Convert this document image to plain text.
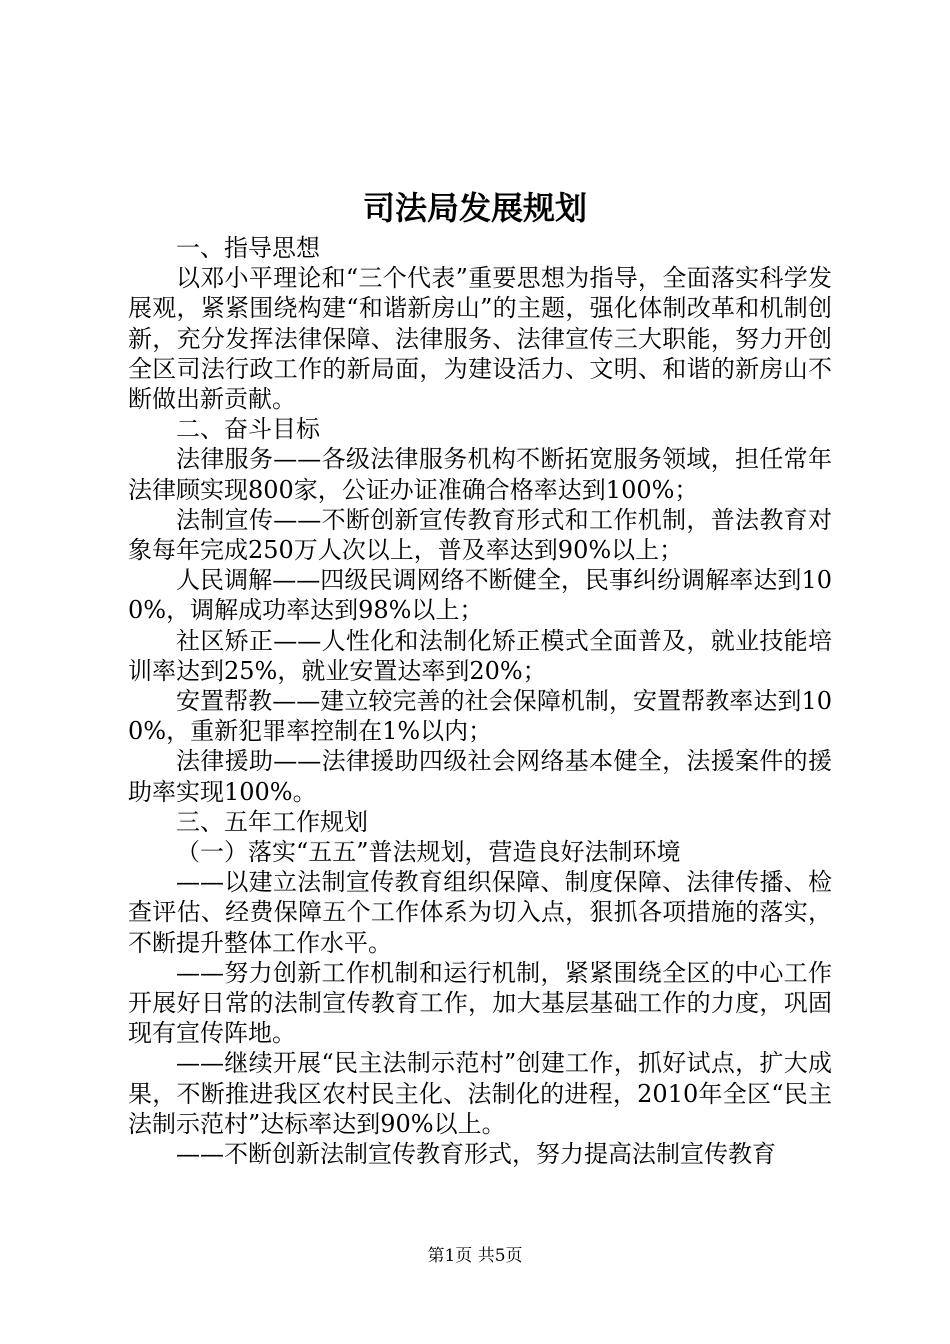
司法局发展规划

一、指导思想

以邓小平理论和“三个代表”重要思想为指导，全面落实科学发展观，紧紧围绕构建“和谐新房山”的主题，强化体制改革和机制创新，充分发挥法律保障、法律服务、法律宣传三大职能，努力开创全区司法行政工作的新局面，为建设活力、文明、和谐的新房山不断做出新贡献。

二、奋斗目标

法律服务——各级法律服务机构不断拓宽服务领域，担任常年法律顾实现800家，公证办证准确合格率达到100%；

法制宣传——不断创新宣传教育形式和工作机制，普法教育对象每年完成250万人次以上，普及率达到90%以上；

人民调解——四级民调网络不断健全，民事纠纷调解率达到100%，调解成功率达到98%以上；

社区矫正——人性化和法制化矫正模式全面普及，就业技能培训率达到25%，就业安置达率到20%；

安置帮教——建立较完善的社会保障机制，安置帮教率达到100%，重新犯罪率控制在1%以内；

法律援助——法律援助四级社会网络基本健全，法援案件的援助率实现100%。

三、五年工作规划

（一）落实“五五”普法规划，营造良好法制环境

——以建立法制宣传教育组织保障、制度保障、法律传播、检查评估、经费保障五个工作体系为切入点，狠抓各项措施的落实，不断提升整体工作水平。

——努力创新工作机制和运行机制，紧紧围绕全区的中心工作开展好日常的法制宣传教育工作，加大基层基础工作的力度，巩固现有宣传阵地。

——继续开展“民主法制示范村”创建工作，抓好试点，扩大成果，不断推进我区农村民主化、法制化的进程，2010年全区“民主法制示范村”达标率达到90%以上。

——不断创新法制宣传教育形式，努力提高法制宣传教育

第1页 共5页
